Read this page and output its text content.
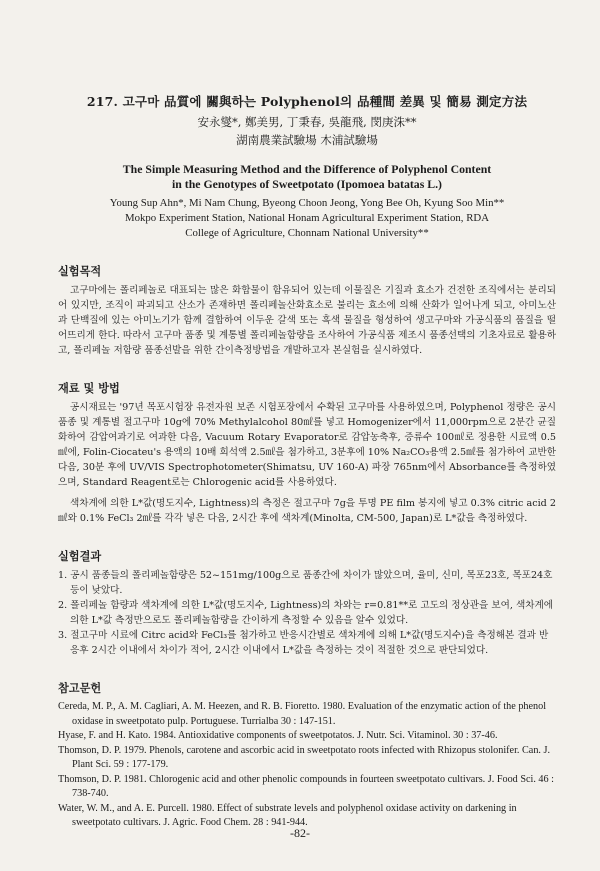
217. 고구마 品質에 關與하는 Polyphenol의 品種間 差異 및 簡易 測定方法

安永燮*, 鄭美男, 丁秉春, 吳龍飛, 閔庚洙**

湖南農業試驗場 木浦試驗場

The Simple Measuring Method and the Difference of Polyphenol Content

in the Genotypes of Sweetpotato (Ipomoea batatas L.)

Young Sup Ahn*, Mi Nam Chung, Byeong Choon Jeong, Yong Bee Oh, Kyung Soo Min**

Mokpo Experiment Station, National Honam Agricultural Experiment Station, RDA

College of Agriculture, Chonnam National University**

실험목적

고구마에는 폴리페놀로 대표되는 많은 화합물이 함유되어 있는데 이물질은 기질과 효소가 건전한 조직에서는 분리되어 있지만, 조직이 파괴되고 산소가 존재하면 폴리페놀산화효소로 불리는 효소에 의해 산화가 일어나게 되고, 아미노산과 단백질에 있는 아미노기가 함께 결합하여 이두운 갈색 또는 흑색 물질을 형성하여 생고구마와 가공식품의 품질을 떨어뜨리게 한다. 따라서 고구마 품종 및 계통별 폴리페놀함량을 조사하여 가공식품 제조시 품종선택의 기초자료로 활용하고, 폴리페놀 저함량 품종선발을 위한 간이측정방법을 개발하고자 본실험을 실시하였다.

재료 및 방법

공시재료는 '97년 목포시험장 유전자원 보존 시험포장에서 수확된 고구마를 사용하였으며, Polyphenol 정량은 공시품종 및 계통별 절고구마 10g에 70% Methylalcohol 80㎖를 넣고 Homogenizer에서 11,000rpm으로 2분간 균질화하여 감압여과기로 여과한 다음, Vacuum Rotary Evaporator로 감압농축후, 증류수 100㎖로 정용한 시료액 0.5㎖에, Folin-Ciocateu's 용액의 10배 희석액 2.5㎖을 첨가하고, 3분후에 10% Na₂CO₃용액 2.5㎖를 첨가하여 교반한 다음, 30분 후에 UV/VIS Spectrophotometer(Shimatsu, UV 160-A) 파장 765nm에서 Absorbance를 측정하였으며, Standard Reagent로는 Chlorogenic acid를 사용하였다.

색차계에 의한 L*값(명도지수, Lightness)의 측정은 절고구마 7g을 투명 PE film 봉지에 넣고 0.3% citric acid 2㎖와 0.1% FeCl₃ 2㎖를 각각 넣은 다음, 2시간 후에 색차계(Minolta, CM-500, Japan)로 L*값을 측정하였다.

실험결과
1. 공시 품종들의 폴리페놀함량은 52~151mg/100g으로 품종간에 차이가 많았으며, 율미, 신미, 목포23호, 목포24호 등이 낮았다.
2. 폴리페놀 함량과 색차계에 의한 L*값(명도지수, Lightness)의 차와는 r=0.81**로 고도의 정상관을 보여, 색차계에 의한 L*값 측정만으로도 폴리페놀함량을 간이하게 측정할 수 있음을 알수 있었다.
3. 절고구마 시료에 Citrc acid와 FeCl₃를 첨가하고 반응시간별로 색차계에 의해 L*값(명도지수)을 측정해본 결과 반응후 2시간 이내에서 차이가 적어, 2시간 이내에서 L*값을 측정하는 것이 적절한 것으로 판단되었다.
참고문헌
Cereda, M. P., A. M. Cagliari, A. M. Heezen, and R. B. Fioretto. 1980. Evaluation of the enzymatic action of the phenol oxidase in sweetpotato pulp. Portuguese. Turrialba 30 : 147-151.
Hyase, F. and H. Kato. 1984. Antioxidative components of sweetpotatos. J. Nutr. Sci. Vitaminol. 30 : 37-46.
Thomson, D. P. 1979. Phenols, carotene and ascorbic acid in sweetpotato roots infected with Rhizopus stolonifer. Can. J. Plant Sci. 59 : 177-179.
Thomson, D. P. 1981. Chlorogenic acid and other phenolic compounds in fourteen sweetpotato cultivars. J. Food Sci. 46 : 738-740.
Water, W. M., and A. E. Purcell. 1980. Effect of substrate levels and polyphenol oxidase activity on darkening in sweetpotato cultivars. J. Agric. Food Chem. 28 : 941-944.
-82-
